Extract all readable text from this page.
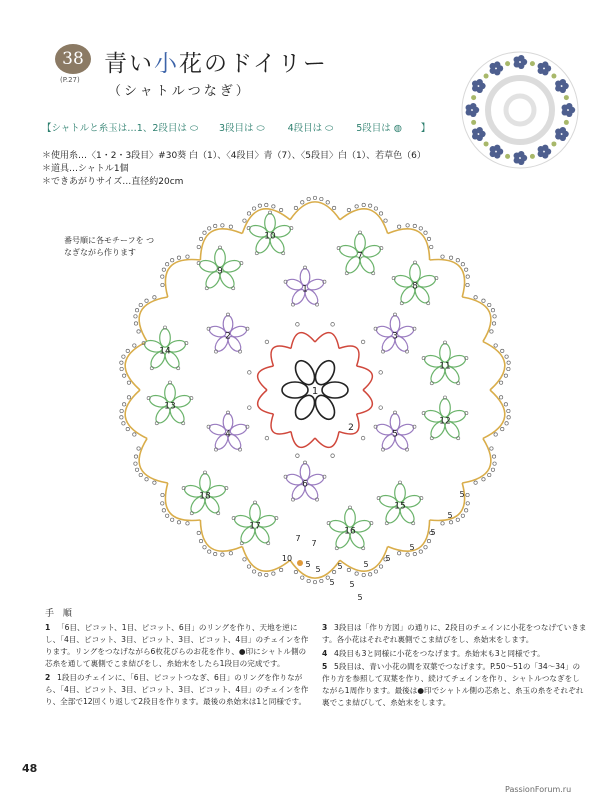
38
(P.27)
青い小花のドイリー
（シャトルつなぎ）
【シャトルと糸玉は…1、2段目は ⬭ 3段目は ⬭ 4段目は ⬭ 5段目は ◍ 】
＊使用糸…〈1・2・3段目〉#30葵 白（1）、〈4段目〉青（7）、〈5段目〉白（1）、若草色（6）
＊道具…シャトル1個
＊できあがりサイズ…直径約20cm
番号順に各モチーフを つなぎながら作ります	7
8
9
10
11
12
13
14
15
16
17
18
1
2	3
4	5
6
1
2
5
5
5
5
5
5
5
5
5 5
5
7
7
10
5
手 順
1 「6目、ピコット、1目、ピコット、6目」のリングを作り、天地を逆にし、「4目、ピコット、3目、ピコット、3目、ピコット、4目」のチェインを作ります。リングをつなげながら6枚花びらのお花を作り、●印にシャトル側の芯糸を通して裏側でこま結びをし、糸始末をしたら1段目の完成です。
2 1段目のチェインに、「6目、ピコットつなぎ、6目」のリングを作りながら、「4目、ピコット、3目、ピコット、3目、ピコット、4目」のチェインを作り、全部で12回くり返して2段目を作ります。最後の糸始末は1と同様です。
3 3段目は「作り方図」の通りに、2段目のチェインに小花をつなげていきます。各小花はそれぞれ裏側でこま結びをし、糸始末をします。
4 4段目も3と同様に小花をつなげます。糸始末も3と同様です。
5 5段目は、青い小花の間を双葉でつなげます。P.50～51の「34～34」の作り方を参照して双葉を作り、続けてチェインを作り、シャトルつなぎをしながら1周作ります。最後は●印でシャトル側の芯糸と、糸玉の糸をそれぞれ裏でこま結びして、糸始末をします。
48
PassionForum.ru
